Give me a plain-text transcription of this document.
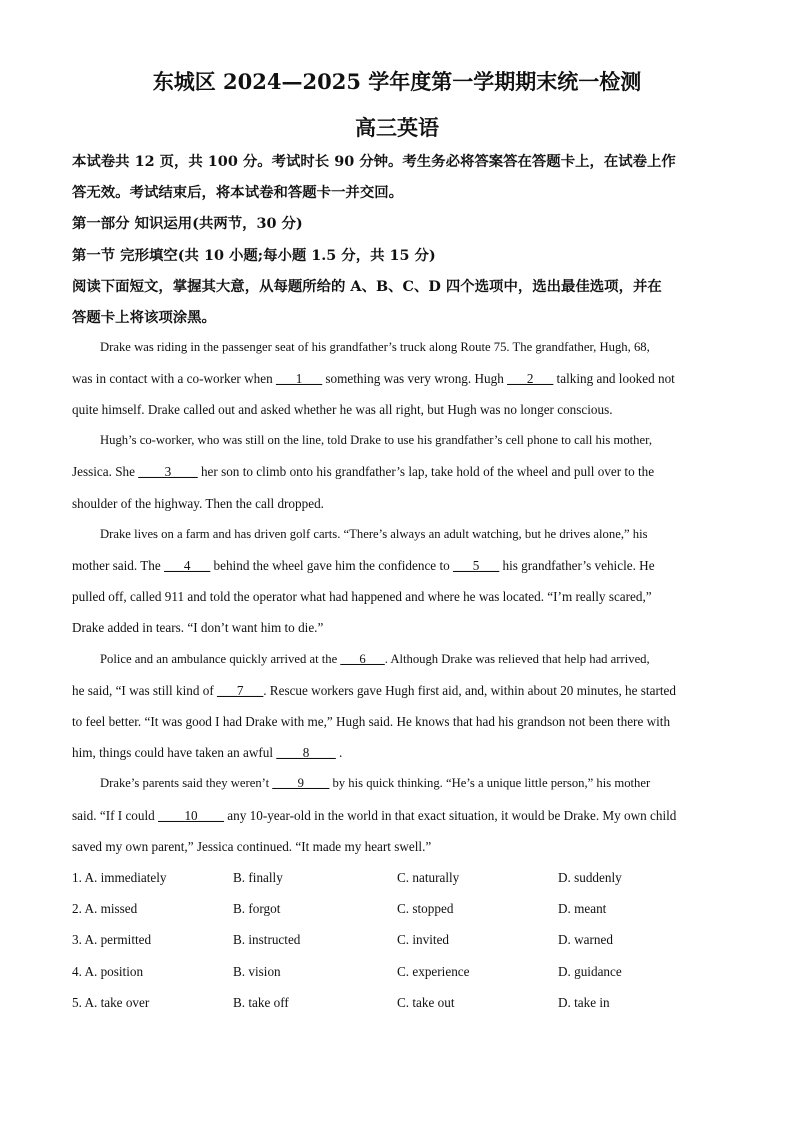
东城区 2024—2025 学年度第一学期期末统一检测
高三英语
本试卷共 12 页，共 100 分。考试时长 90 分钟。考生务必将答案答在答题卡上，在试卷上作
答无效。考试结束后，将本试卷和答题卡一并交回。
第一部分 知识运用(共两节，30 分)
第一节 完形填空(共 10 小题;每小题 1.5 分，共 15 分)
阅读下面短文，掌握其大意，从每题所给的 A、B、C、D 四个选项中，选出最佳选项，并在
答题卡上将该项涂黑。
Drake was riding in the passenger seat of his grandfather’s truck along Route 75. The grandfather, Hugh, 68,
was in contact with a co-worker when ___1___ something was very wrong. Hugh ___2___ talking and looked not
quite himself. Drake called out and asked whether he was all right, but Hugh was no longer conscious.
Hugh’s co-worker, who was still on the line, told Drake to use his grandfather’s cell phone to call his mother,
Jessica. She ____3____ her son to climb onto his grandfather’s lap, take hold of the wheel and pull over to the
shoulder of the highway. Then the call dropped.
Drake lives on a farm and has driven golf carts. “There’s always an adult watching, but he drives alone,” his
mother said. The ___4___ behind the wheel gave him the confidence to ___5___ his grandfather’s vehicle. He
pulled off, called 911 and told the operator what had happened and where he was located. “I’m really scared,”
Drake added in tears. “I don’t want him to die.”
Police and an ambulance quickly arrived at the ___6___. Although Drake was relieved that help had arrived,
he said, “I was still kind of ___7___. Rescue workers gave Hugh first aid, and, within about 20 minutes, he started
to feel better. “It was good I had Drake with me,” Hugh said. He knows that had his grandson not been there with
him, things could have taken an awful ____8____ .
Drake’s parents said they weren’t ____9____ by his quick thinking. “He’s a unique little person,” his mother
said. “If I could ____10____ any 10-year-old in the world in that exact situation, it would be Drake. My own child
saved my own parent,” Jessica continued. “It made my heart swell.”
1. A. immediately	B. finally	C. naturally	D. suddenly
2. A. missed	B. forgot	C. stopped	D. meant
3. A. permitted	B. instructed	C. invited	D. warned
4. A. position	B. vision	C. experience	D. guidance
5. A. take over	B. take off	C. take out	D. take in
